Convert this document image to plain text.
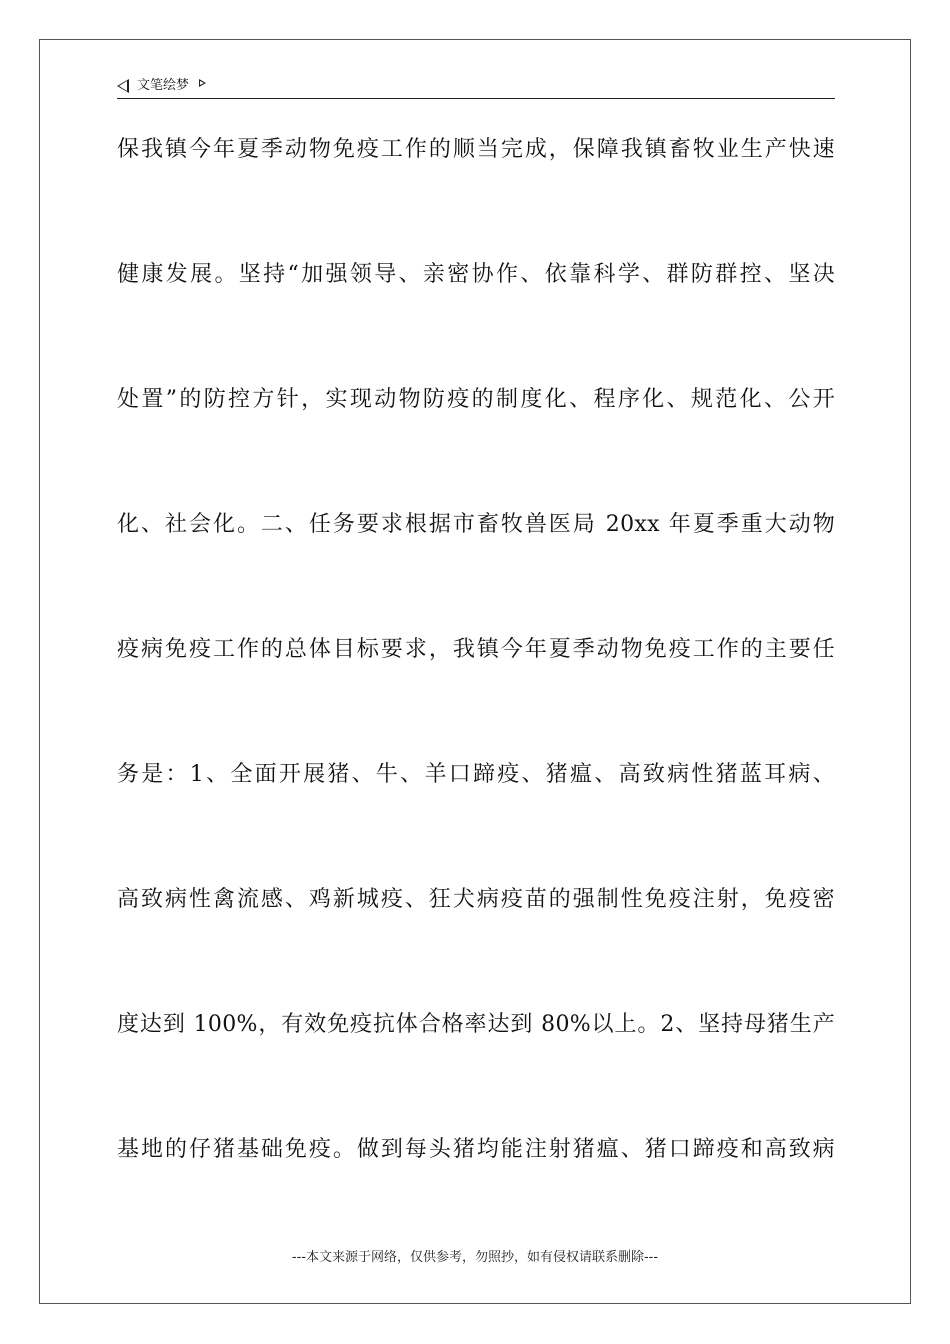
文笔绘梦
保我镇今年夏季动物免疫工作的顺当完成，保障我镇畜牧业生产快速
健康发展。坚持“加强领导、亲密协作、依靠科学、群防群控、坚决
处置”的防控方针，实现动物防疫的制度化、程序化、规范化、公开
化、社会化。二、任务要求根据市畜牧兽医局 20xx 年夏季重大动物
疫病免疫工作的总体目标要求，我镇今年夏季动物免疫工作的主要任
务是：1、全面开展猪、牛、羊口蹄疫、猪瘟、高致病性猪蓝耳病、
高致病性禽流感、鸡新城疫、狂犬病疫苗的强制性免疫注射，免疫密
度达到 100%，有效免疫抗体合格率达到 80%以上。2、坚持母猪生产
基地的仔猪基础免疫。做到每头猪均能注射猪瘟、猪口蹄疫和高致病
---本文来源于网络，仅供参考，勿照抄，如有侵权请联系删除---
